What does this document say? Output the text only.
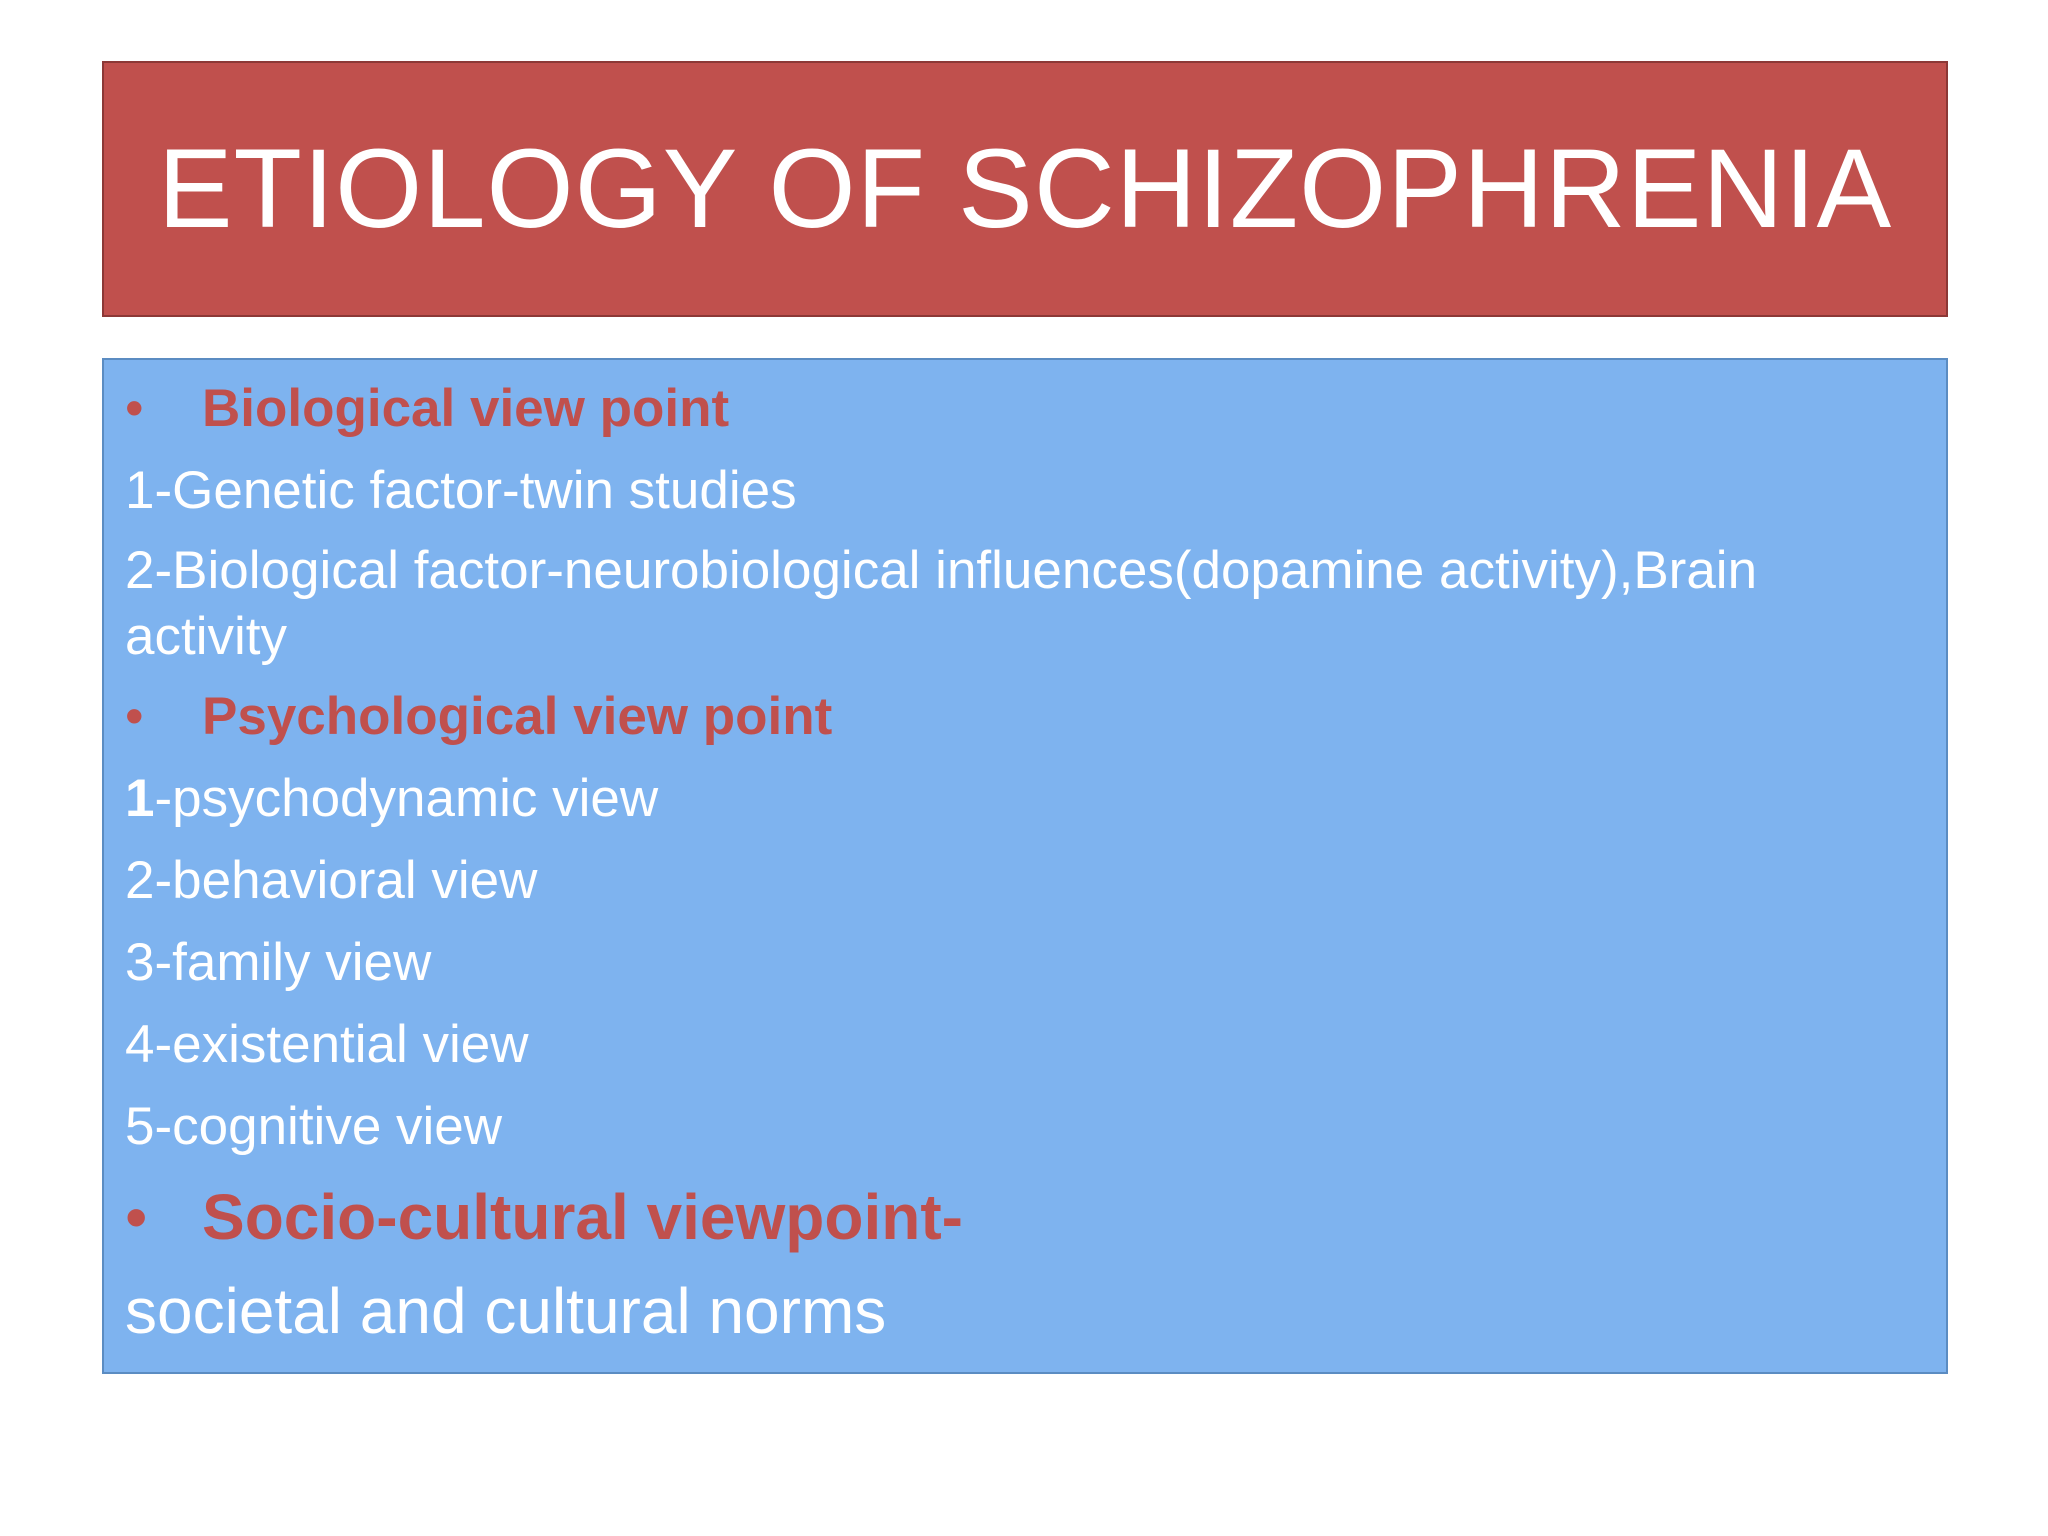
ETIOLOGY OF SCHIZOPHRENIA
•	Biological view point
1-Genetic factor-twin studies
2-Biological factor-neurobiological influences(dopamine activity),Brain activity
•	Psychological view point
1-psychodynamic view
2-behavioral view
3-family view
4-existential view
5-cognitive view
• Socio-cultural viewpoint-
societal and cultural norms
